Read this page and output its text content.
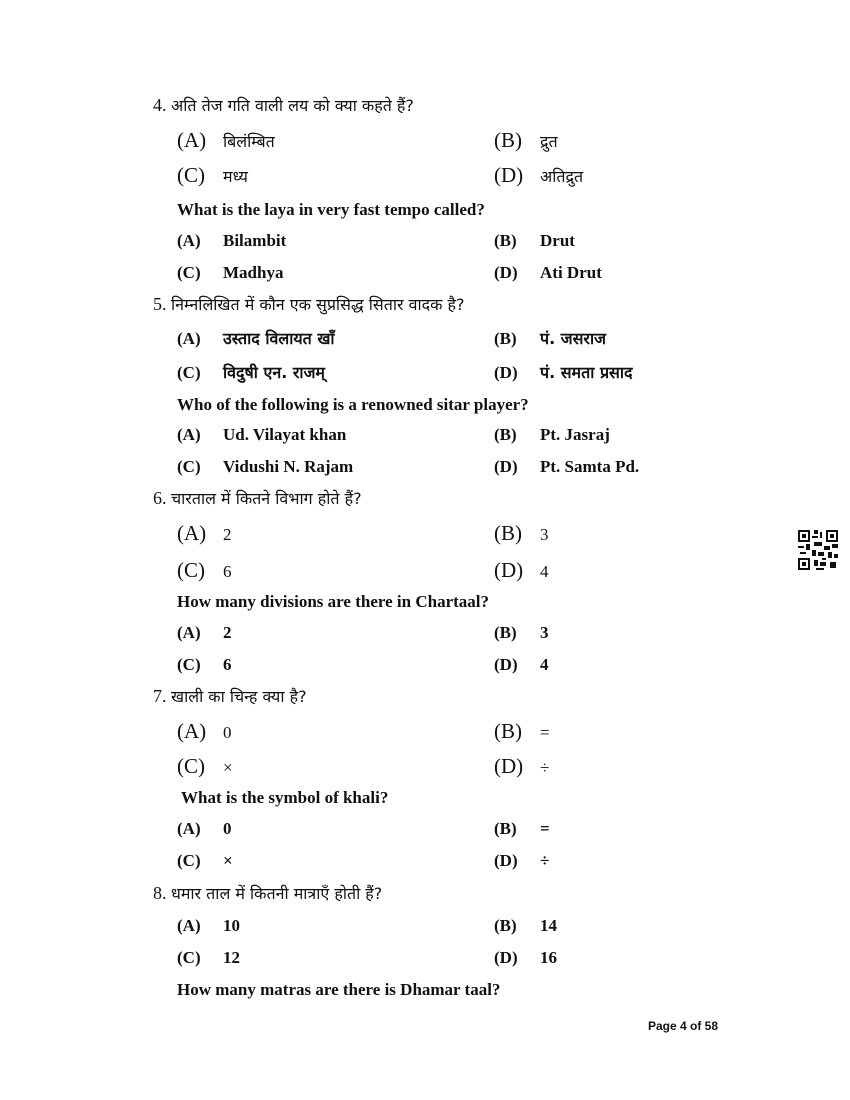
4. अति तेज गति वाली लय को क्या कहते हैं?
(A) बिलंम्बित	(B) द्रुत
(C) मध्य	(D) अतिद्रुत
What is the laya in very fast tempo called?
(A) Bilambit	(B) Drut
(C) Madhya	(D) Ati Drut
5. निम्नलिखित में कौन एक सुप्रसिद्ध सितार वादक है?
(A) उस्ताद विलायत खाँ	(B) पं. जसराज
(C) विदुषी एन. राजम्	(D) पं. समता प्रसाद
Who of the following is a renowned sitar player?
(A) Ud. Vilayat khan	(B) Pt. Jasraj
(C) Vidushi N. Rajam	(D) Pt. Samta Pd.
6. चारताल में कितने विभाग होते हैं?
(A) 2	(B) 3
(C) 6	(D) 4
How many divisions are there in Chartaal?
(A) 2	(B) 3
(C) 6	(D) 4
7. खाली का चिन्ह क्या है?
(A) 0	(B) =
(C) ×	(D) ÷
What is the symbol of khali?
(A) 0	(B) =
(C) ×	(D) ÷
8. धमार ताल में कितनी मात्राएँ होती हैं?
(A) 10	(B) 14
(C) 12	(D) 16
How many matras are there is Dhamar taal?
Page 4 of 58
